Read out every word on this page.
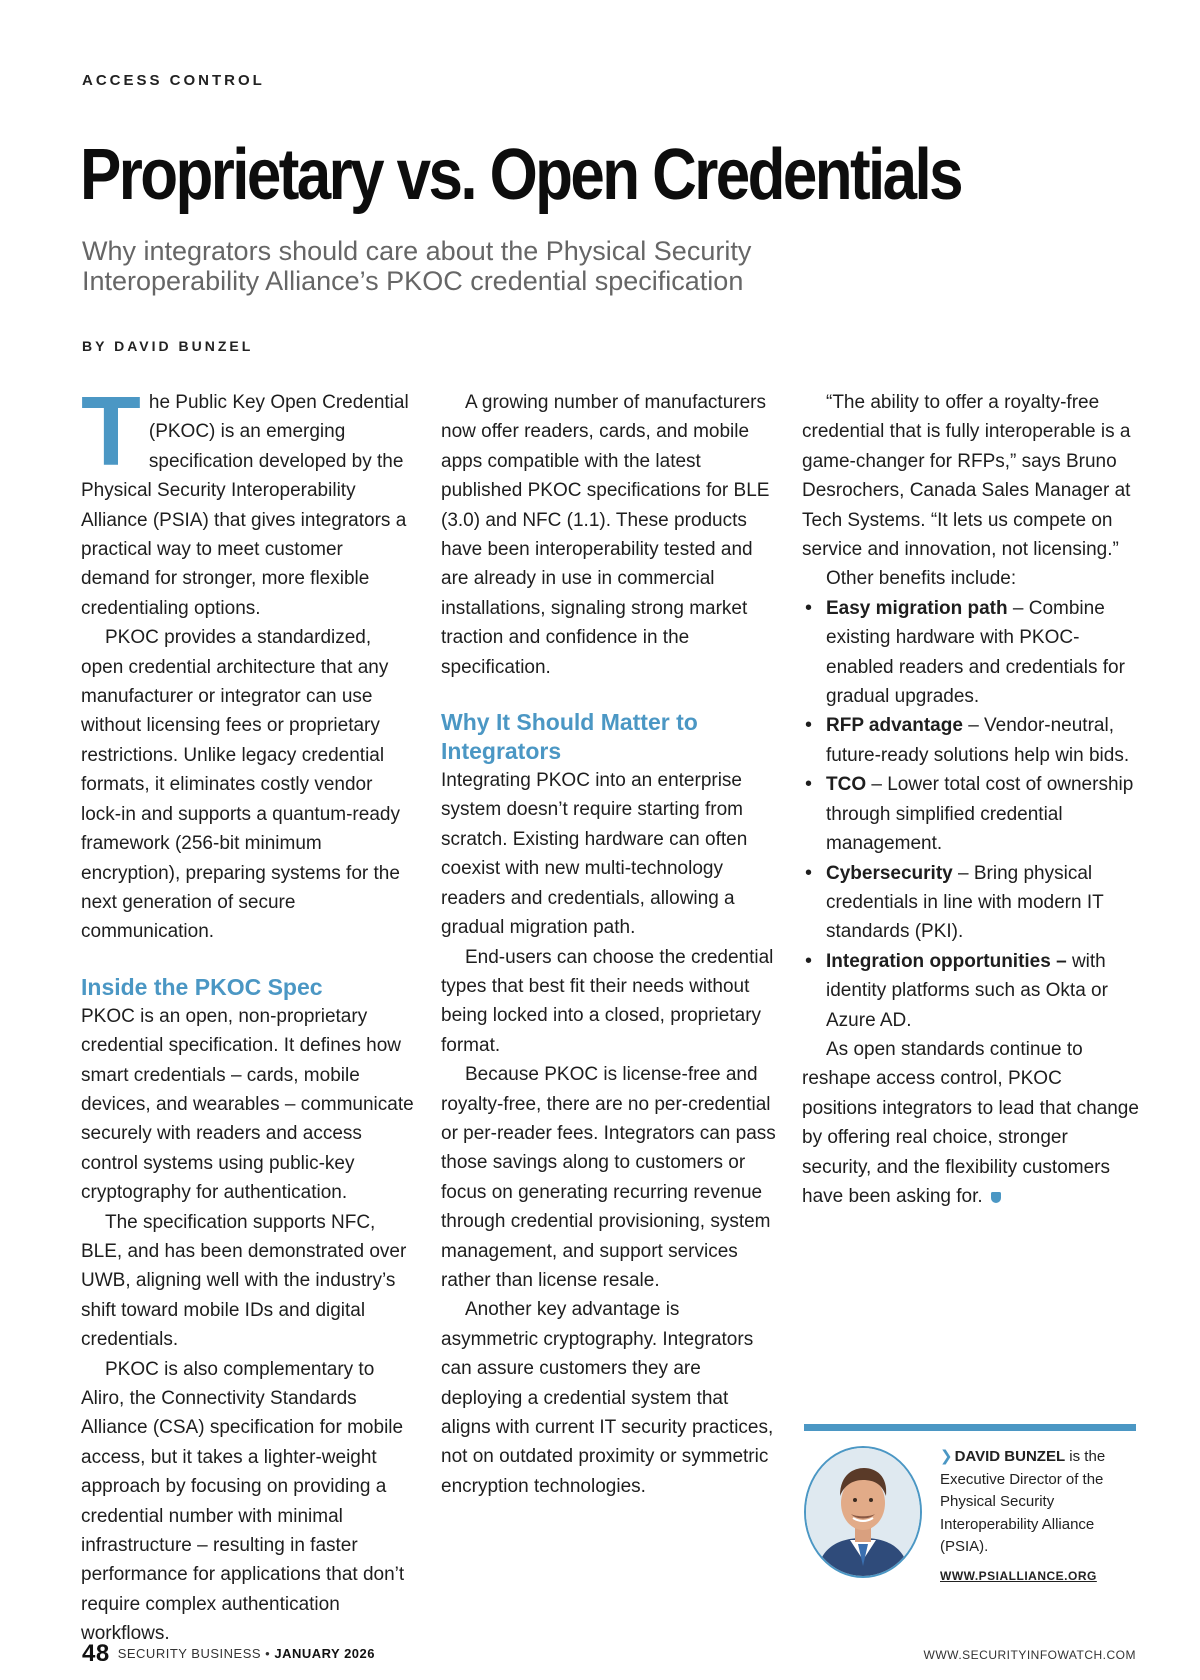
ACCESS CONTROL
Proprietary vs. Open Credentials
Why integrators should care about the Physical Security Interoperability Alliance’s PKOC credential specification
BY DAVID BUNZEL

The Public Key Open Credential (PKOC) is an emerging specification developed by the Physical Security Interoperability Alliance (PSIA) that gives integrators a practical way to meet customer demand for stronger, more flexible credentialing options.

PKOC provides a standardized, open credential architecture that any manufacturer or integrator can use without licensing fees or proprietary restrictions. Unlike legacy credential formats, it eliminates costly vendor lock-in and supports a quantum-ready framework (256-bit minimum encryption), preparing systems for the next generation of secure communication.

Inside the PKOC Spec

PKOC is an open, non-proprietary credential specification. It defines how smart credentials – cards, mobile devices, and wearables – communicate securely with readers and access control systems using public-key cryptography for authentication.

The specification supports NFC, BLE, and has been demonstrated over UWB, aligning well with the industry’s shift toward mobile IDs and digital credentials.

PKOC is also complementary to Aliro, the Connectivity Standards Alliance (CSA) specification for mobile access, but it takes a lighter-weight approach by focusing on providing a credential number with minimal infrastructure – resulting in faster performance for applications that don’t require complex authentication workflows.

A growing number of manufacturers now offer readers, cards, and mobile apps compatible with the latest published PKOC specifications for BLE (3.0) and NFC (1.1). These products have been interoperability tested and are already in use in commercial installations, signaling strong market traction and confidence in the specification.

Why It Should Matter to Integrators

Integrating PKOC into an enterprise system doesn’t require starting from scratch. Existing hardware can often coexist with new multi-technology readers and credentials, allowing a gradual migration path.

End-users can choose the credential types that best fit their needs without being locked into a closed, proprietary format.

Because PKOC is license-free and royalty-free, there are no per-credential or per-reader fees. Integrators can pass those savings along to customers or focus on generating recurring revenue through credential provisioning, system management, and support services rather than license resale.

Another key advantage is asymmetric cryptography. Integrators can assure customers they are deploying a credential system that aligns with current IT security practices, not on outdated proximity or symmetric encryption technologies.

“The ability to offer a royalty-free credential that is fully interoperable is a game-changer for RFPs,” says Bruno Desrochers, Canada Sales Manager at Tech Systems. “It lets us compete on service and innovation, not licensing.”

Other benefits include:

• Easy migration path – Combine existing hardware with PKOC-enabled readers and credentials for gradual upgrades.
• RFP advantage – Vendor-neutral, future-ready solutions help win bids.
• TCO – Lower total cost of ownership through simplified credential management.
• Cybersecurity – Bring physical credentials in line with modern IT standards (PKI).
• Integration opportunities – with identity platforms such as Okta or Azure AD.

As open standards continue to reshape access control, PKOC positions integrators to lead that change by offering real choice, stronger security, and the flexibility customers have been asking for.

❯ DAVID BUNZEL is the Executive Director of the Physical Security Interoperability Alliance (PSIA).
WWW.PSIALLIANCE.ORG
48 SECURITY BUSINESS • JANUARY 2026	WWW.SECURITYINFOWATCH.COM
